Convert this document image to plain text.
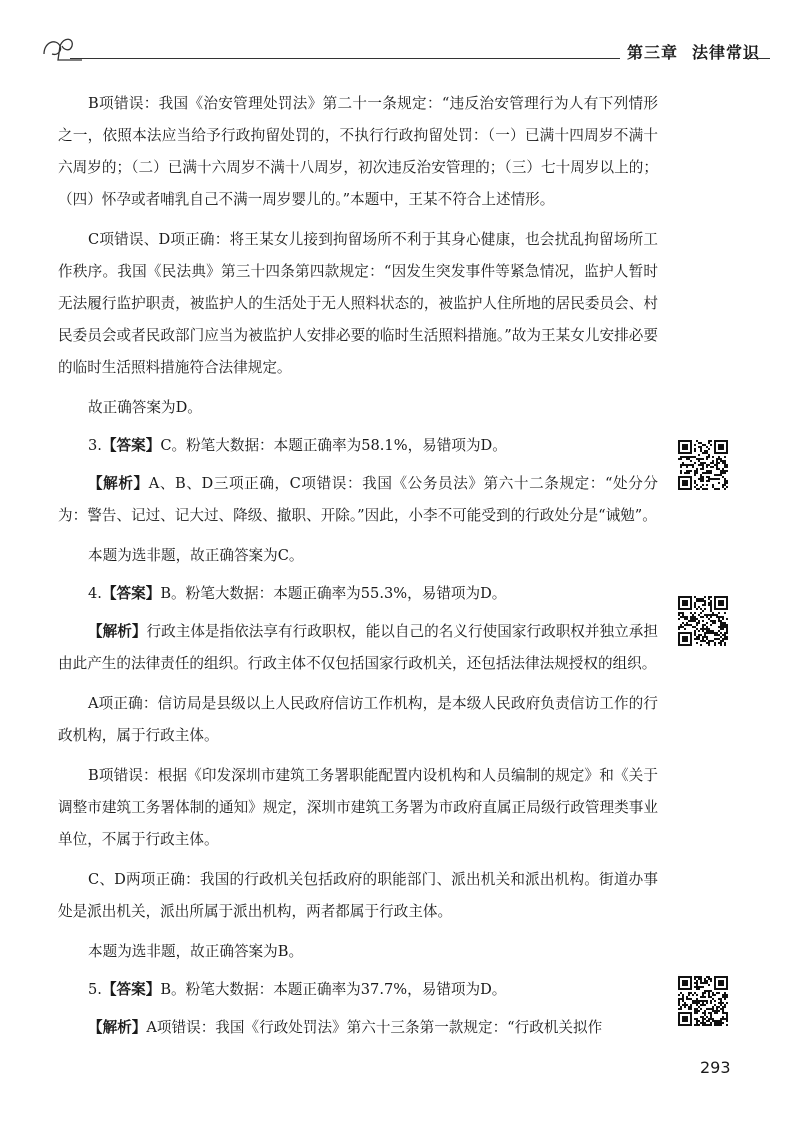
第三章 法律常识

B项错误：我国《治安管理处罚法》第二十一条规定：“违反治安管理行为人有下列情形之一，依照本法应当给予行政拘留处罚的，不执行行政拘留处罚：（一）已满十四周岁不满十六周岁的；（二）已满十六周岁不满十八周岁，初次违反治安管理的；（三）七十周岁以上的；（四）怀孕或者哺乳自己不满一周岁婴儿的。”本题中，王某不符合上述情形。

C项错误、D项正确：将王某女儿接到拘留场所不利于其身心健康，也会扰乱拘留场所工作秩序。我国《民法典》第三十四条第四款规定：“因发生突发事件等紧急情况，监护人暂时无法履行监护职责，被监护人的生活处于无人照料状态的，被监护人住所地的居民委员会、村民委员会或者民政部门应当为被监护人安排必要的临时生活照料措施。”故为王某女儿安排必要的临时生活照料措施符合法律规定。

故正确答案为D。

3.【答案】C。粉笔大数据：本题正确率为58.1%，易错项为D。

【解析】A、B、D三项正确，C项错误：我国《公务员法》第六十二条规定：“处分分为：警告、记过、记大过、降级、撤职、开除。”因此，小李不可能受到的行政处分是“诫勉”。

本题为选非题，故正确答案为C。

4.【答案】B。粉笔大数据：本题正确率为55.3%，易错项为D。

【解析】行政主体是指依法享有行政职权，能以自己的名义行使国家行政职权并独立承担由此产生的法律责任的组织。行政主体不仅包括国家行政机关，还包括法律法规授权的组织。

A项正确：信访局是县级以上人民政府信访工作机构，是本级人民政府负责信访工作的行政机构，属于行政主体。

B项错误：根据《印发深圳市建筑工务署职能配置内设机构和人员编制的规定》和《关于调整市建筑工务署体制的通知》规定，深圳市建筑工务署为市政府直属正局级行政管理类事业单位，不属于行政主体。

C、D两项正确：我国的行政机关包括政府的职能部门、派出机关和派出机构。街道办事处是派出机关，派出所属于派出机构，两者都属于行政主体。

本题为选非题，故正确答案为B。

5.【答案】B。粉笔大数据：本题正确率为37.7%，易错项为D。

【解析】A项错误：我国《行政处罚法》第六十三条第一款规定：“行政机关拟作

293
